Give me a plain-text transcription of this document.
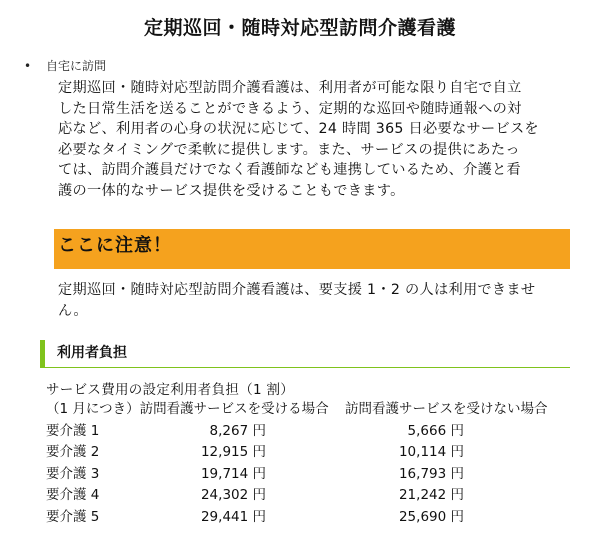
定期巡回・随時対応型訪問介護看護
• 自宅に訪問

定期巡回・随時対応型訪問介護看護は、利用者が可能な限り自宅で自立
した日常生活を送ることができるよう、定期的な巡回や随時通報への対
応など、利用者の心身の状況に応じて、24 時間 365 日必要なサービスを
必要なタイミングで柔軟に提供します。また、サービスの提供にあたっ
ては、訪問介護員だけでなく看護師なども連携しているため、介護と看
護の一体的なサービス提供を受けることもできます。

ここに注意！

定期巡回・随時対応型訪問介護看護は、要支援 1・2 の人は利用できませ
ん。

利用者負担
サービス費用の設定利用者負担（1 割）
（1 月につき）訪問看護サービスを受ける場合 訪問看護サービスを受けない場合
要介護 1	8,267 円	5,666 円
要介護 2	12,915 円	10,114 円
要介護 3	19,714 円	16,793 円
要介護 4	24,302 円	21,242 円
要介護 5	29,441 円	25,690 円
